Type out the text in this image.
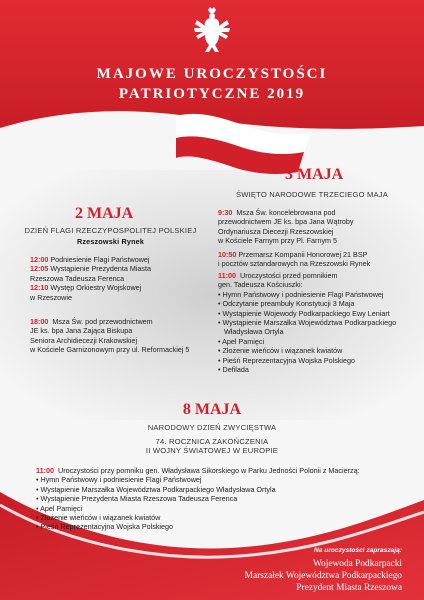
MAJOWE UROCZYSTOŚCI
PATRIOTYCZNE 2019
3 MAJA
ŚWIĘTO NARODOWE TRZECIEGO MAJA
9:30 Msza Św. koncelebrowana pod
przewodnictwem JE ks. bpa Jana Wątroby
Ordynariusza Diecezji Rzeszowskiej
w Kościele Farnym przy Pl. Farnym 5
10:50 Przemarsz Kompanii Honorowej 21 BSP
i pocztów sztandarowych na Rzeszowski Rynek
11:00 Uroczystości przed pomnikiem
gen. Tadeusza Kościuszki:
• Hymn Państwowy i podniesienie Flagi Państwowej
• Odczytanie preambuły Konstytucji 3 Maja
• Wystąpienie Wojewody Podkarpackiego Ewy Leniart
• Wystąpienie Marszałka Województwa Podkarpackiego
Władysława Ortyla
• Apel Pamięci
• Złożenie wieńców i wiązanek kwiatów
• Pieśń Reprezentacyjna Wojska Polskiego
• Defilada
2 MAJA
DZIEŃ FLAGI RZECZYPOSPOLITEJ POLSKIEJ
Rzeszowski Rynek
12:00 Podniesienie Flagi Państwowej
12:05 Wystąpienie Prezydenta Miasta
Rzeszowa Tadeusza Ferenca
12:10 Występ Orkiestry Wojskowej
w Rzeszowie
18:00 Msza Św. pod przewodnictwem
JE ks. bpa Jana Zająca Biskupa
Seniora Archidiecezji Krakowskiej
w Kościele Garnizonowym przy ul. Reformackiej 5
8 MAJA
NARODOWY DZIEŃ ZWYCIĘSTWA
74. ROCZNICA ZAKOŃCZENIA
II WOJNY ŚWIATOWEJ W EUROPIE
11:00 Uroczystości przy pomniku gen. Władysława Sikorskiego w Parku Jedności Polonii z Macierzą:
• Hymn Państwowy i podniesienie Flagi Państwowej
• Wystąpienie Marszałka Województwa Podkarpackiego Władysława Ortyla
• Wystąpienie Prezydenta Miasta Rzeszowa Tadeusza Ferenca
• Apel Pamięci
• Złożenie wieńców i wiązanek kwiatów
• Pieśń Reprezentacyjna Wojska Polskiego
Na uroczystości zapraszają:
Wojewoda Podkarpacki
Marszałek Województwa Podkarpackiego
Prezydent Miasta Rzeszowa
